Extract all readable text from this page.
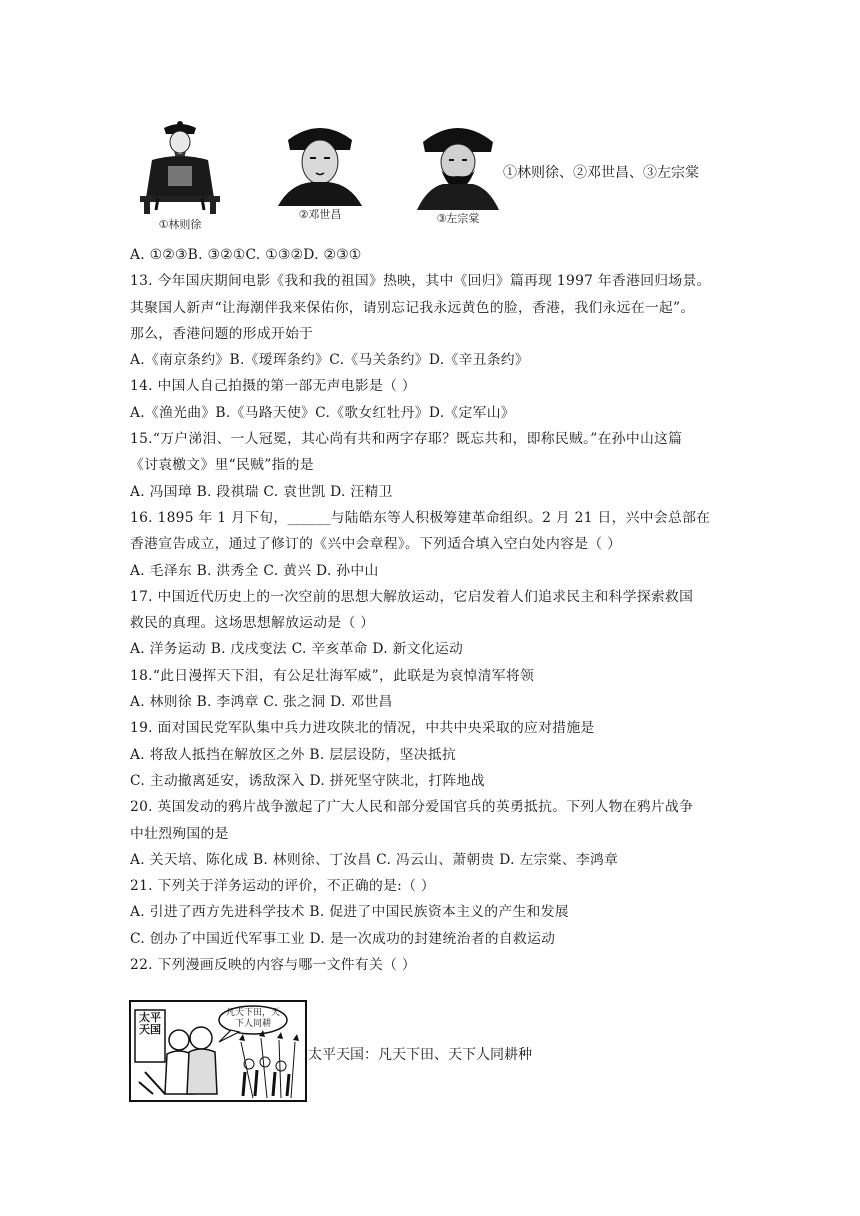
①林则徐
②邓世昌	③左宗棠
①林则徐、②邓世昌、③左宗棠
A. ①②③B. ③②①C. ①③②D. ②③①
13. 今年国庆期间电影《我和我的祖国》热映，其中《回归》篇再现 1997 年香港回归场景。
其聚国人新声“让海潮伴我来保佑你，请别忘记我永远黄色的脸，香港，我们永远在一起”。
那么，香港问题的形成开始于
A.《南京条约》B.《瑷珲条约》C.《马关条约》D.《辛丑条约》
14. 中国人自己拍摄的第一部无声电影是（ ）
A.《渔光曲》B.《马路天使》C.《歌女红牡丹》D.《定军山》
15.“万户涕泪、一人冠冕，其心尚有共和两字存耶？既忘共和，即称民贼。”在孙中山这篇
《讨袁檄文》里“民贼”指的是
A. 冯国璋 B. 段祺瑞 C. 袁世凯 D. 汪精卫
16. 1895 年 1 月下旬，______与陆皓东等人积极筹建革命组织。2 月 21 日，兴中会总部在
香港宣告成立，通过了修订的《兴中会章程》。下列适合填入空白处内容是（ ）
A. 毛泽东 B. 洪秀全 C. 黄兴 D. 孙中山
17. 中国近代历史上的一次空前的思想大解放运动，它启发着人们追求民主和科学探索救国
救民的真理。这场思想解放运动是（ ）
A. 洋务运动 B. 戊戌变法 C. 辛亥革命 D. 新文化运动
18.“此日漫挥天下泪，有公足壮海军威”，此联是为哀悼清军将领
A. 林则徐 B. 李鸿章 C. 张之洞 D. 邓世昌
19. 面对国民党军队集中兵力进攻陕北的情况，中共中央采取的应对措施是
A. 将敌人抵挡在解放区之外 B. 层层设防，坚决抵抗
C. 主动撤离延安，诱敌深入 D. 拼死坚守陕北，打阵地战
20. 英国发动的鸦片战争激起了广大人民和部分爱国官兵的英勇抵抗。下列人物在鸦片战争
中壮烈殉国的是
A. 关天培、陈化成 B. 林则徐、丁汝昌 C. 冯云山、萧朝贵 D. 左宗棠、李鸿章
21. 下列关于洋务运动的评价，不正确的是:（ ）
A. 引进了西方先进科学技术 B. 促进了中国民族资本主义的产生和发展
C. 创办了中国近代军事工业 D. 是一次成功的封建统治者的自救运动
22. 下列漫画反映的内容与哪一文件有关（ ）
太平天国
凡天下田，天下人同耕
太平天国：凡天下田、天下人同耕种
